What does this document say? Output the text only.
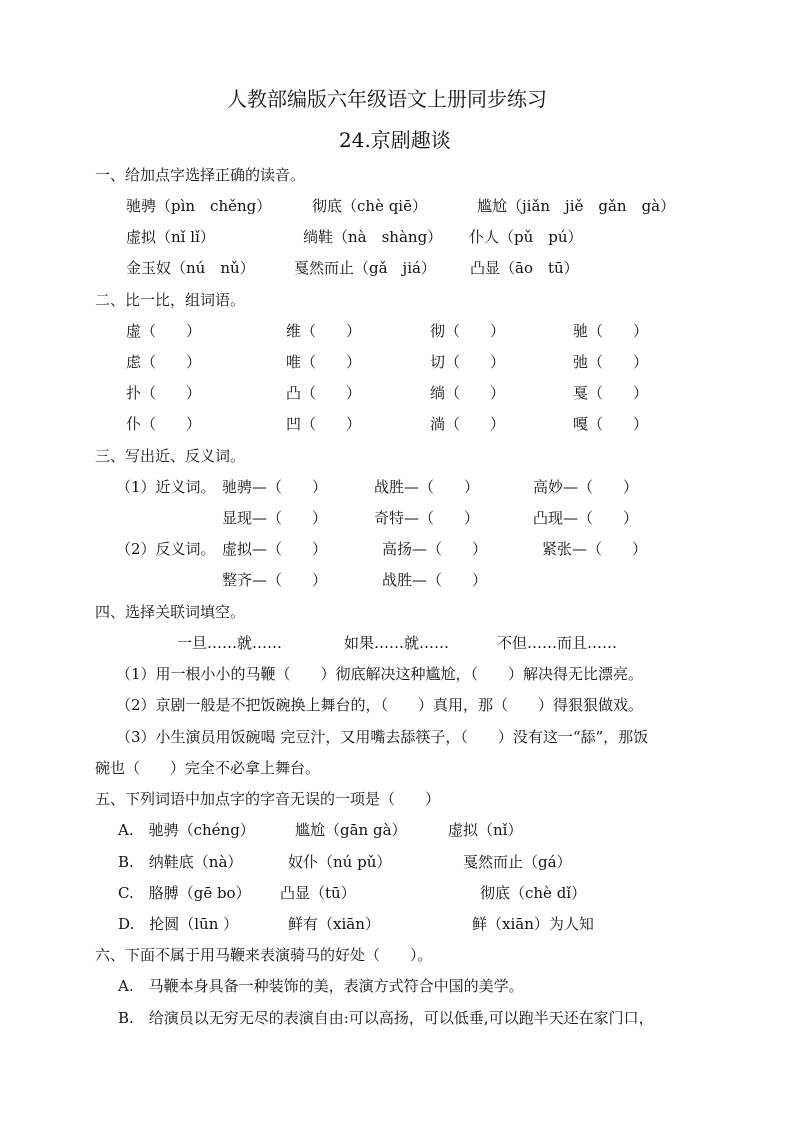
人教部编版六年级语文上册同步练习
24.京剧趣谈
一、给加点字选择正确的读音。
驰骋（pìn　chěng）	彻底（chè qiē）	尴尬（jiǎn　jiě　gǎn　gà）
虚拟（nǐ lǐ）	绱鞋（nà　shàng） 仆人（pǔ　pú）
金玉奴（nú　nǔ）	戛然而止（gǎ　jiá） 凸显（āo　tū）
二、比一比，组词语。
虚（　　）	维（　　）	彻（　　）	驰（　　）
虑（　　）	唯（　　）	切（　　）	弛（　　）
扑（　　）	凸（　　）	绱（　　）	戛（　　）
仆（　　）	凹（　　）	淌（　　）	嘎（　　）
三、写出近、反义词。
（1）近义词。 驰骋—（　　）	战胜—（　　）	高妙—（　　）
显现—（　　）	奇特—（　　）	凸现—（　　）
（2）反义词。 虚拟—（　　）	高扬—（　　）	紧张—（　　）
整齐—（　　）	战胜—（　　）
四、选择关联词填空。
一旦……就……	如果……就……	不但……而且……
（1）用一根小小的马鞭（　　）彻底解决这种尴尬，（　　）解决得无比漂亮。
（2）京剧一般是不把饭碗换上舞台的，（　　）真用，那（　　）得狠狠做戏。
（3）小生演员用饭碗喝 完豆汁，又用嘴去舔筷子，（　　）没有这一“舔”，那饭
碗也（　　）完全不必拿上舞台。
五、下列词语中加点字的字音无误的一项是（　　）
A.　驰骋（chéng）	尴尬（gān gà）	虚拟（nǐ）
B.　纳鞋底（nà）	奴仆（nú pǔ）	戛然而止（gá）
C.　胳膊（gē bo） 凸显（tū）	彻底（chè dǐ）
D.　抡圆（lūn ）	鲜有（xiān）	鲜（xiān）为人知
六、下面不属于用马鞭来表演骑马的好处（　　）。
A.　马鞭本身具备一种装饰的美，表演方式符合中国的美学。
B.　给演员以无穷无尽的表演自由:可以高扬，可以低垂,可以跑半天还在家门口，
